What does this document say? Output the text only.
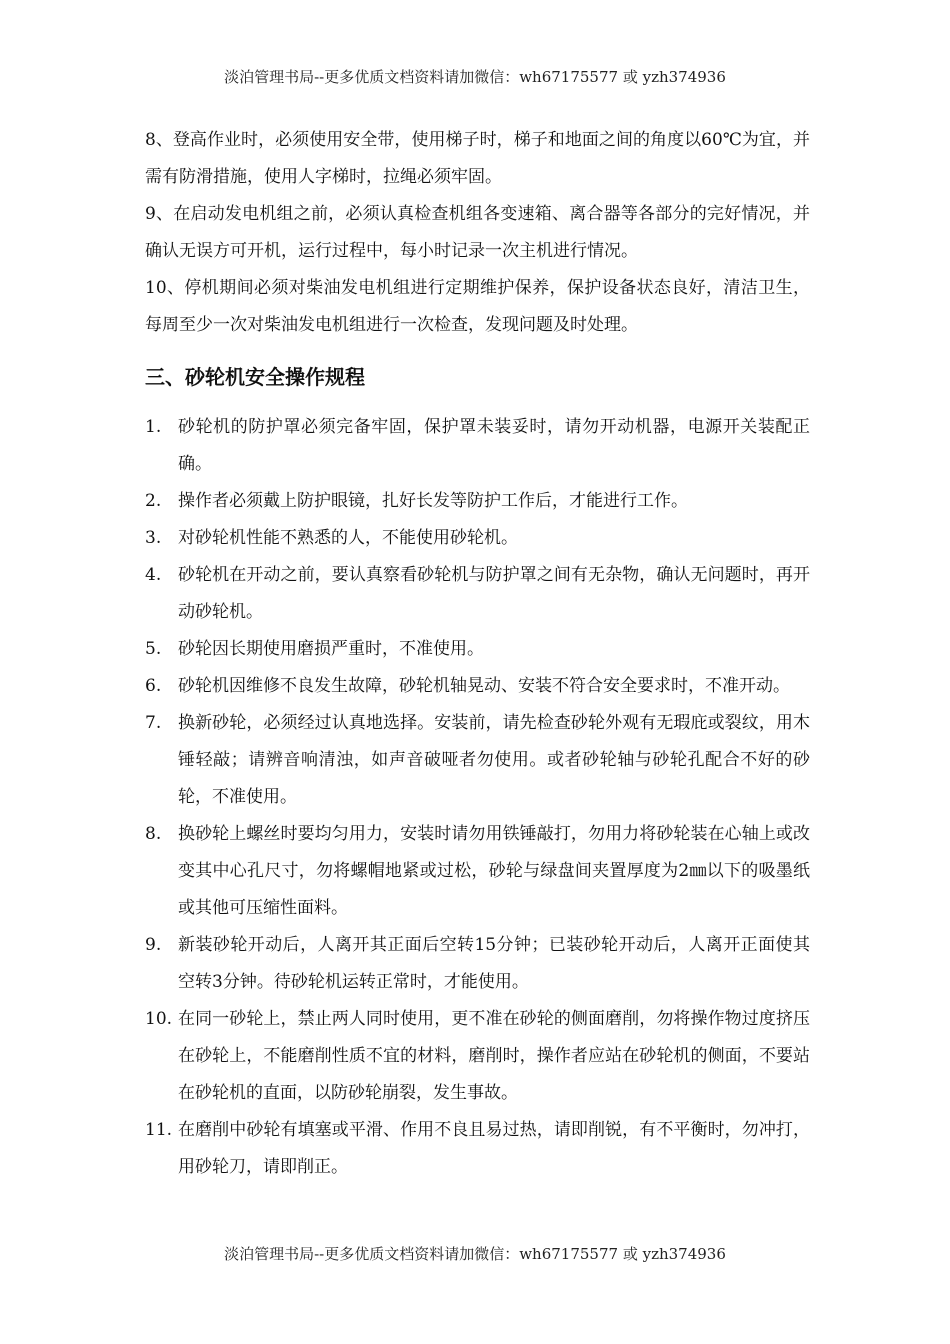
淡泊管理书局--更多优质文档资料请加微信：wh67175577 或 yzh374936

8、登高作业时，必须使用安全带，使用梯子时，梯子和地面之间的角度以60℃为宜，并需有防滑措施，使用人字梯时，拉绳必须牢固。

9、在启动发电机组之前，必须认真检查机组各变速箱、离合器等各部分的完好情况，并确认无误方可开机，运行过程中，每小时记录一次主机进行情况。

10、停机期间必须对柴油发电机组进行定期维护保养，保护设备状态良好，清洁卫生，每周至少一次对柴油发电机组进行一次检查，发现问题及时处理。

三、砂轮机安全操作规程
1. 砂轮机的防护罩必须完备牢固，保护罩未装妥时，请勿开动机器，电源开关装配正确。
2. 操作者必须戴上防护眼镜，扎好长发等防护工作后，才能进行工作。
3. 对砂轮机性能不熟悉的人，不能使用砂轮机。
4. 砂轮机在开动之前，要认真察看砂轮机与防护罩之间有无杂物，确认无问题时，再开动砂轮机。
5. 砂轮因长期使用磨损严重时，不准使用。
6. 砂轮机因维修不良发生故障，砂轮机轴晃动、安装不符合安全要求时，不准开动。
7. 换新砂轮，必须经过认真地选择。安装前，请先检查砂轮外观有无瑕庇或裂纹，用木锤轻敲；请辨音响清浊，如声音破哑者勿使用。或者砂轮轴与砂轮孔配合不好的砂轮，不准使用。
8. 换砂轮上螺丝时要均匀用力，安装时请勿用铁锤敲打，勿用力将砂轮装在心轴上或改变其中心孔尺寸，勿将螺帽地紧或过松，砂轮与绿盘间夹置厚度为2㎜以下的吸墨纸或其他可压缩性面料。
9. 新装砂轮开动后，人离开其正面后空转15分钟；已装砂轮开动后，人离开正面使其空转3分钟。待砂轮机运转正常时，才能使用。
10. 在同一砂轮上，禁止两人同时使用，更不准在砂轮的侧面磨削，勿将操作物过度挤压在砂轮上，不能磨削性质不宜的材料，磨削时，操作者应站在砂轮机的侧面，不要站在砂轮机的直面，以防砂轮崩裂，发生事故。
11. 在磨削中砂轮有填塞或平滑、作用不良且易过热，请即削锐，有不平衡时，勿冲打，用砂轮刀，请即削正。
淡泊管理书局--更多优质文档资料请加微信：wh67175577 或 yzh374936
